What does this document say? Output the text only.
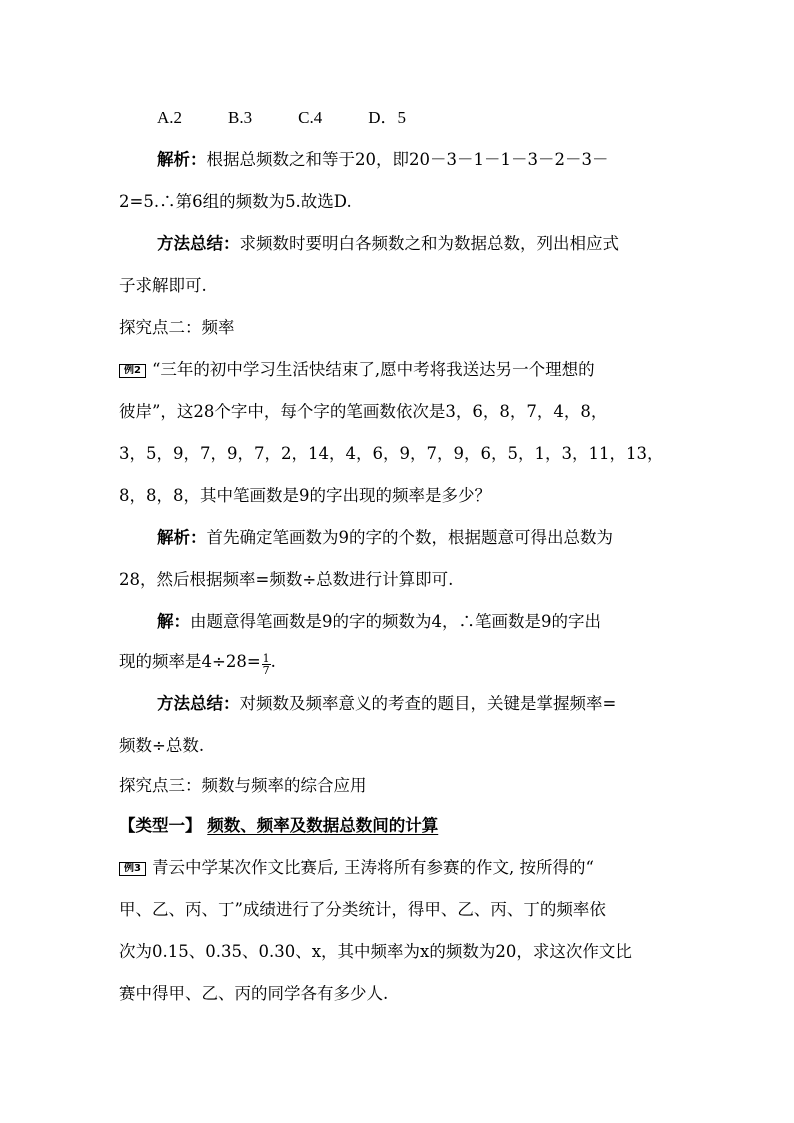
A.2	B.3	C.4	D．5
解析：根据总频数之和等于20，即20－3－1－1－3－2－3－
2=5.∴第6组的频数为5.故选D.
方法总结：求频数时要明白各频数之和为数据总数，列出相应式
子求解即可.
探究点二：频率
例2 “三年的初中学习生活快结束了,愿中考将我送达另一个理想的
彼岸”，这28个字中，每个字的笔画数依次是3，6，8，7，4，8，
3，5，9，7，9，7，2，14，4，6，9，7，9，6，5，1，3，11，13，
8，8，8，其中笔画数是9的字出现的频率是多少？
解析：首先确定笔画数为9的字的个数，根据题意可得出总数为
28，然后根据频率=频数÷总数进行计算即可.
解：由题意得笔画数是9的字的频数为4，∴笔画数是9的字出
现的频率是$4\div 28= \frac{1}{7}$ .
方法总结：对频数及频率意义的考查的题目，关键是掌握频率=
频数÷总数.
探究点三：频数与频率的综合应用
【类型一】 频数、频率及数据总数间的计算
例3 青云中学某次作文比赛后, 王涛将所有参赛的作文, 按所得的“
甲、乙、丙、丁”成绩进行了分类统计，得甲、乙、丙、丁的频率依
次为0.15、0.35、0.30、x，其中频率为x的频数为20，求这次作文比
赛中得甲、乙、丙的同学各有多少人.
